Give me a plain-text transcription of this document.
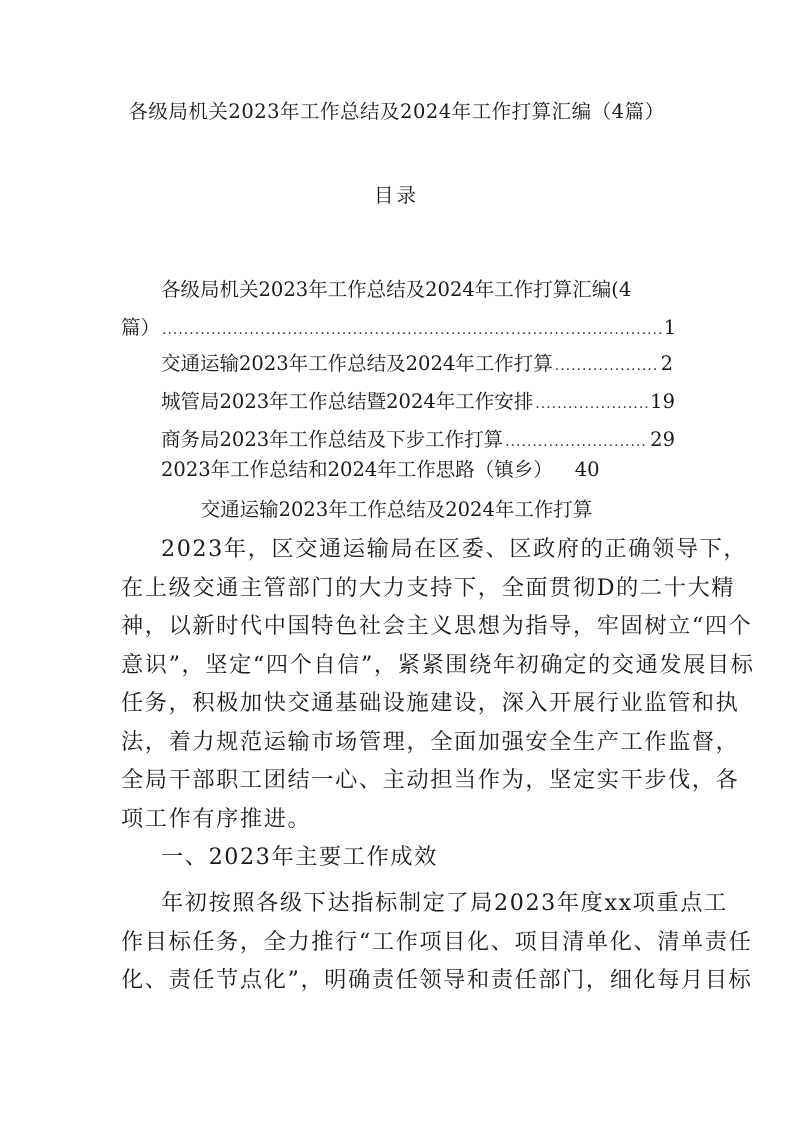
各级局机关2023年工作总结及2024年工作打算汇编（4篇）
目录
各级局机关2023年工作总结及2024年工作打算汇编(4
篇） .....	1
交通运输2023年工作总结及2024年工作打算 .....	2
城管局2023年工作总结暨2024年工作安排 .....	19
商务局2023年工作总结及下步工作打算 .....	29
2023年工作总结和2024年工作思路（镇乡） 40
交通运输2023年工作总结及2024年工作打算
2023年，区交通运输局在区委、区政府的正确领导下，
在上级交通主管部门的大力支持下，全面贯彻D的二十大精
神，以新时代中国特色社会主义思想为指导，牢固树立“四个
意识”，坚定“四个自信”，紧紧围绕年初确定的交通发展目标
任务，积极加快交通基础设施建设，深入开展行业监管和执
法，着力规范运输市场管理，全面加强安全生产工作监督，
全局干部职工团结一心、主动担当作为，坚定实干步伐，各
项工作有序推进。
一、2023年主要工作成效
年初按照各级下达指标制定了局2023年度xx项重点工
作目标任务，全力推行“工作项目化、项目清单化、清单责任
化、责任节点化”，明确责任领导和责任部门，细化每月目标
